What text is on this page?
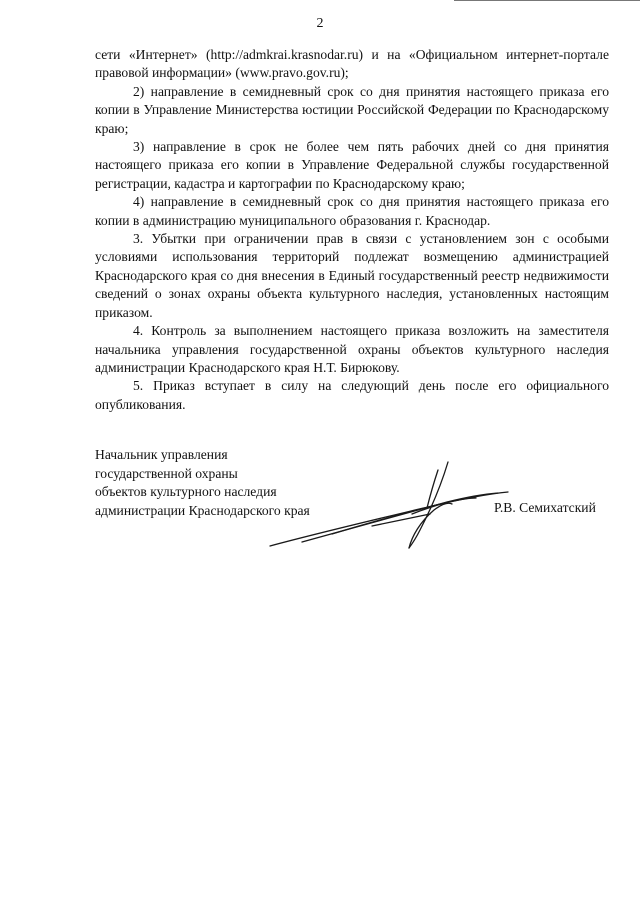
2

сети «Интернет» (http://admkrai.krasnodar.ru) и на «Официальном интернет-портале правовой информации» (www.pravo.gov.ru);

2) направление в семидневный срок со дня принятия настоящего приказа его копии в Управление Министерства юстиции Российской Федерации по Краснодарскому краю;

3) направление в срок не более чем пять рабочих дней со дня принятия настоящего приказа его копии в Управление Федеральной службы государственной регистрации, кадастра и картографии по Краснодарскому краю;

4) направление в семидневный срок со дня принятия настоящего приказа его копии в администрацию муниципального образования г. Краснодар.

3. Убытки при ограничении прав в связи с установлением зон с особыми условиями использования территорий подлежат возмещению администрацией Краснодарского края со дня внесения в Единый государственный реестр недвижимости сведений о зонах охраны объекта культурного наследия, установленных настоящим приказом.

4. Контроль за выполнением настоящего приказа возложить на заместителя начальника управления государственной охраны объектов культурного наследия администрации Краснодарского края Н.Т. Бирюкову.

5. Приказ вступает в силу на следующий день после его официального опубликования.

Начальник управления
государственной охраны
объектов культурного наследия
администрации Краснодарского края	Р.В. Семихатский
